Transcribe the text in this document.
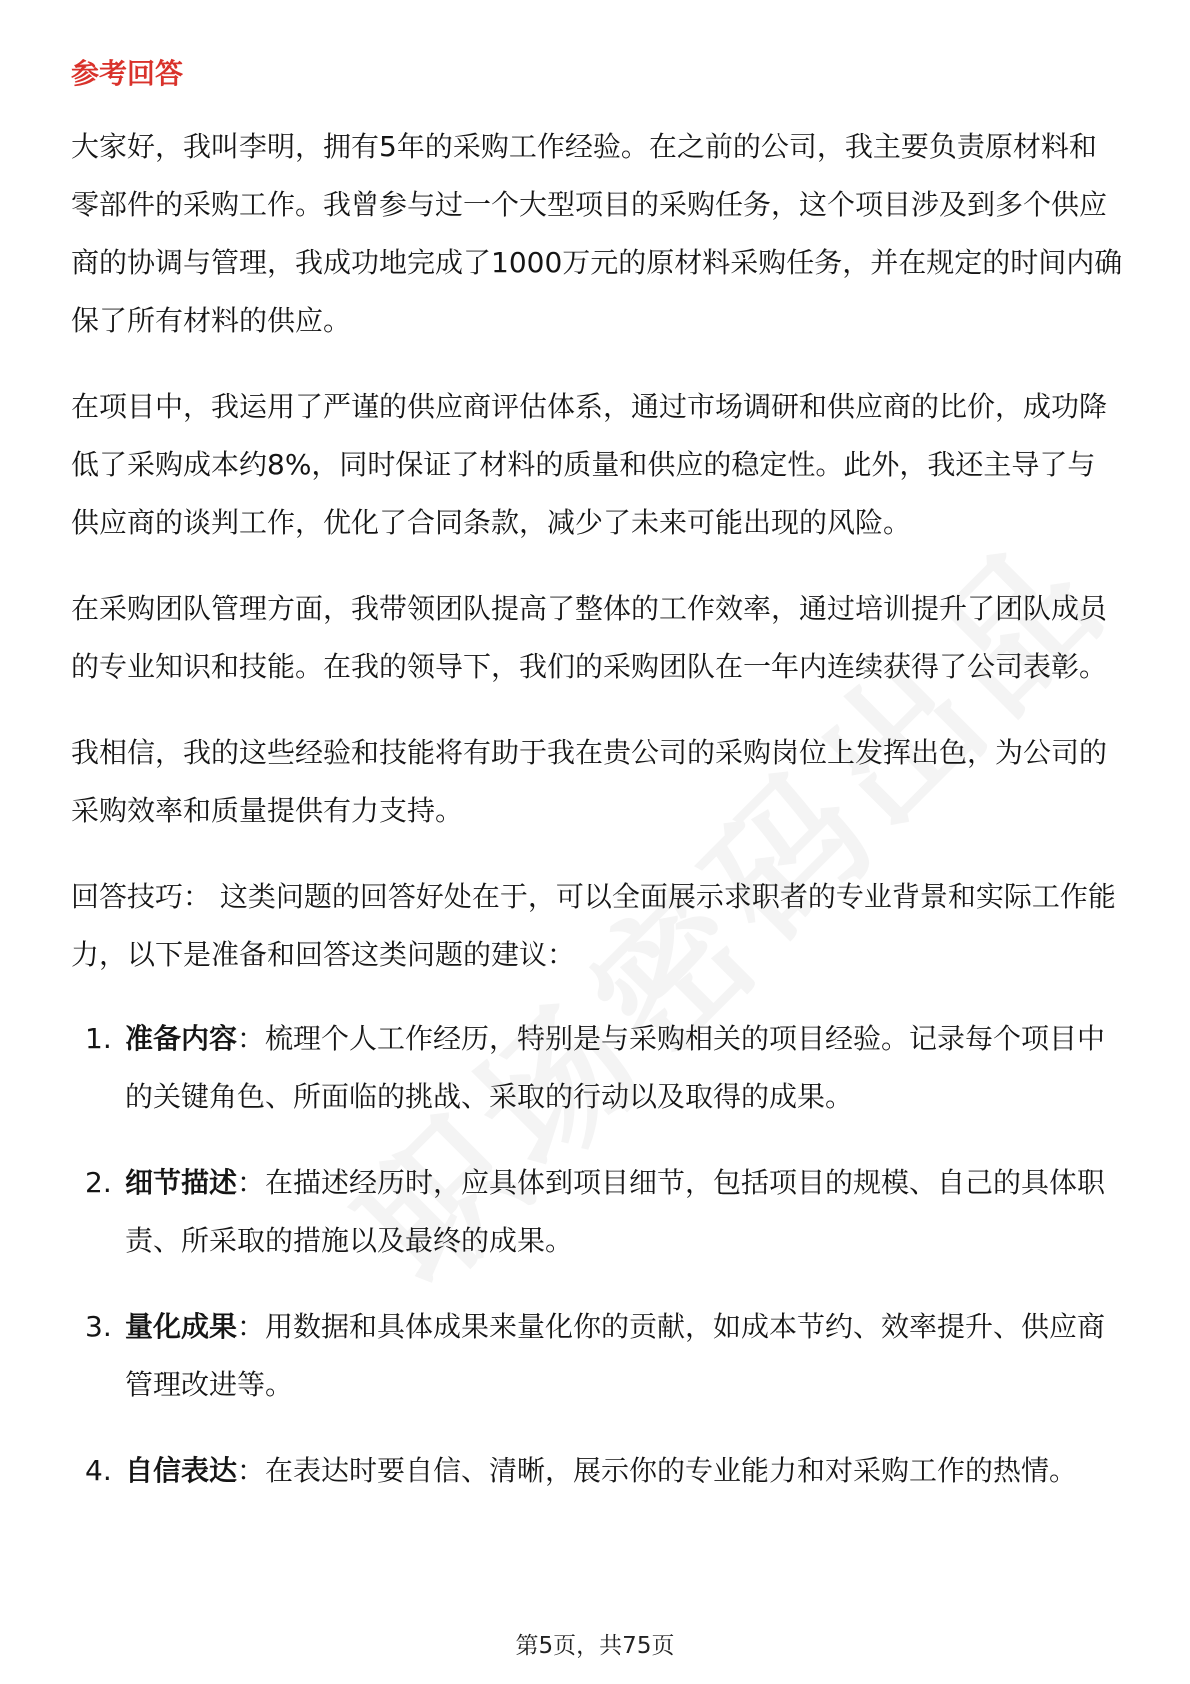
参考回答

大家好，我叫李明，拥有5年的采购工作经验。在之前的公司，我主要负责原材料和零部件的采购工作。我曾参与过一个大型项目的采购任务，这个项目涉及到多个供应商的协调与管理，我成功地完成了1000万元的原材料采购任务，并在规定的时间内确保了所有材料的供应。

在项目中，我运用了严谨的供应商评估体系，通过市场调研和供应商的比价，成功降低了采购成本约8%，同时保证了材料的质量和供应的稳定性。此外，我还主导了与供应商的谈判工作，优化了合同条款，减少了未来可能出现的风险。

在采购团队管理方面，我带领团队提高了整体的工作效率，通过培训提升了团队成员的专业知识和技能。在我的领导下，我们的采购团队在一年内连续获得了公司表彰。

我相信，我的这些经验和技能将有助于我在贵公司的采购岗位上发挥出色，为公司的采购效率和质量提供有力支持。

回答技巧： 这类问题的回答好处在于，可以全面展示求职者的专业背景和实际工作能力，以下是准备和回答这类问题的建议：

1. 准备内容：梳理个人工作经历，特别是与采购相关的项目经验。记录每个项目中的关键角色、所面临的挑战、采取的行动以及取得的成果。
2. 细节描述：在描述经历时，应具体到项目细节，包括项目的规模、自己的具体职责、所采取的措施以及最终的成果。
3. 量化成果：用数据和具体成果来量化你的贡献，如成本节约、效率提升、供应商管理改进等。
4. 自信表达：在表达时要自信、清晰，展示你的专业能力和对采购工作的热情。
第5页，共75页
